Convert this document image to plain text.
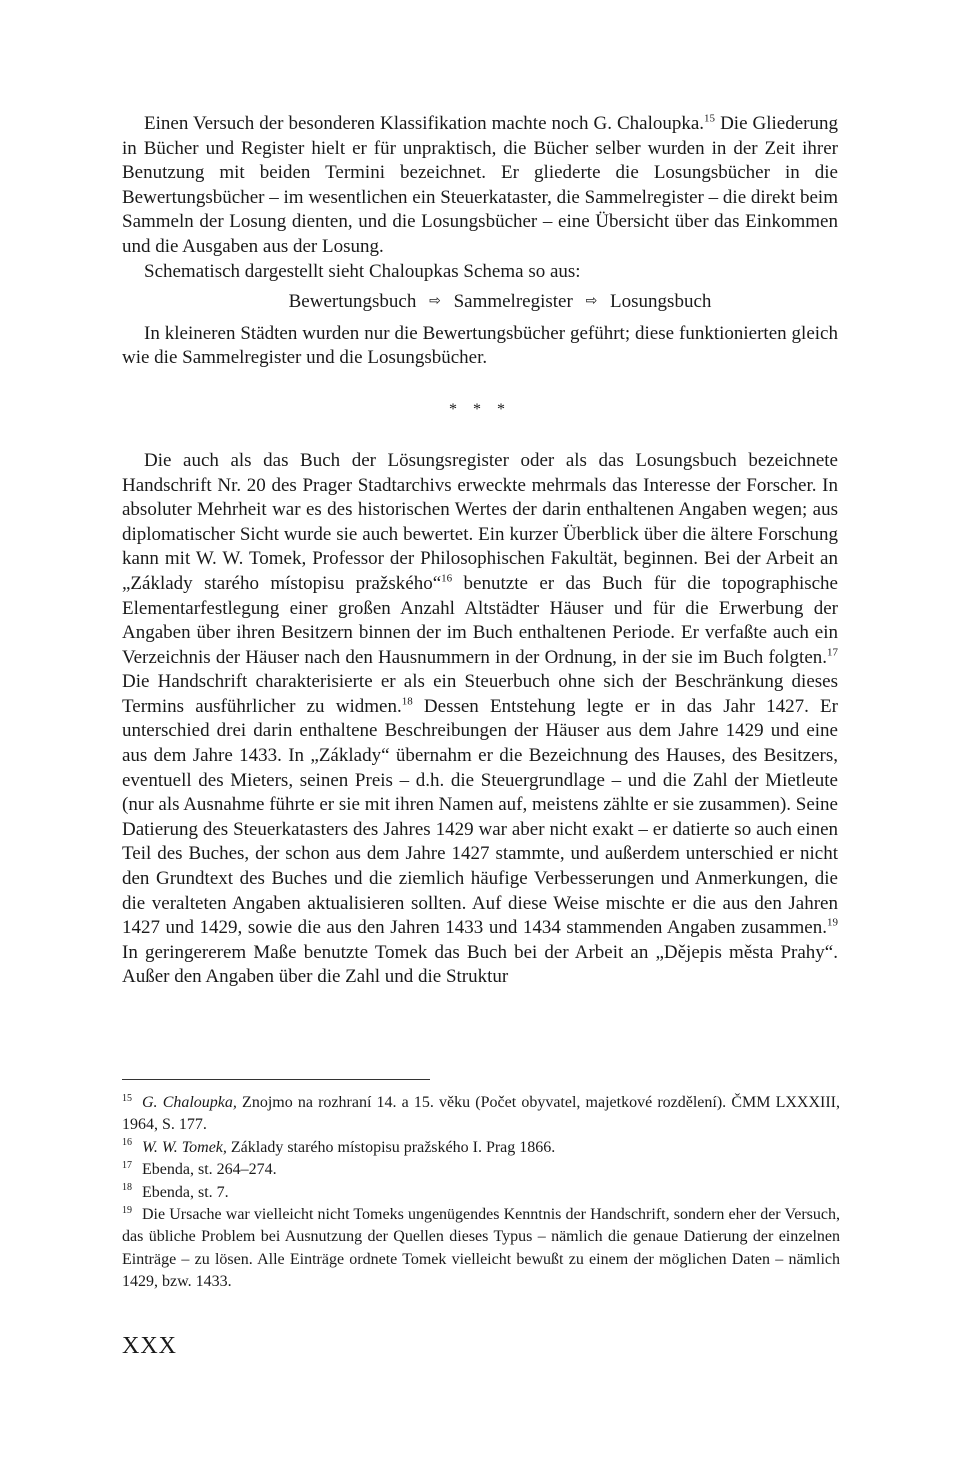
Einen Versuch der besonderen Klassifikation machte noch G. Chaloupka.$^{15}$ Die Gliederung in Bücher und Register hielt er für unpraktisch, die Bücher selber wurden in der Zeit ihrer Benutzung mit beiden Termini bezeichnet. Er gliederte die Losungsbücher in die Bewertungsbücher – im wesentlichen ein Steuerkataster, die Sammelregister – die direkt beim Sammeln der Losung dienten, und die Losungsbücher – eine Übersicht über das Einkommen und die Ausgaben aus der Losung.

Schematisch dargestellt sieht Chaloupkas Schema so aus:

Bewertungsbuch ⇨ Sammelregister ⇨ Losungsbuch

In kleineren Städten wurden nur die Bewertungsbücher geführt; diese funktionierten gleich wie die Sammelregister und die Losungsbücher.

* * *

Die auch als das Buch der Lösungsregister oder als das Losungsbuch bezeichnete Handschrift Nr. 20 des Prager Stadtarchivs erweckte mehrmals das Interesse der Forscher. In absoluter Mehrheit war es des historischen Wertes der darin enthaltenen Angaben wegen; aus diplomatischer Sicht wurde sie auch bewertet. Ein kurzer Überblick über die ältere Forschung kann mit W. W. Tomek, Professor der Philosophischen Fakultät, beginnen. Bei der Arbeit an „Základy starého místopisu pražského“$^{16}$ benutzte er das Buch für die topographische Elementarfestlegung einer großen Anzahl Altstädter Häuser und für die Erwerbung der Angaben über ihren Besitzern binnen der im Buch enthaltenen Periode. Er verfaßte auch ein Verzeichnis der Häuser nach den Hausnummern in der Ordnung, in der sie im Buch folgten.$^{17}$ Die Handschrift charakterisierte er als ein Steuerbuch ohne sich der Beschränkung dieses Termins ausführlicher zu widmen.$^{18}$ Dessen Entstehung legte er in das Jahr 1427. Er unterschied drei darin enthaltene Beschreibungen der Häuser aus dem Jahre 1429 und eine aus dem Jahre 1433. In „Základy“ übernahm er die Bezeichnung des Hauses, des Besitzers, eventuell des Mieters, seinen Preis – d.h. die Steuergrundlage – und die Zahl der Mietleute (nur als Ausnahme führte er sie mit ihren Namen auf, meistens zählte er sie zusammen). Seine Datierung des Steuerkatasters des Jahres 1429 war aber nicht exakt – er datierte so auch einen Teil des Buches, der schon aus dem Jahre 1427 stammte, und außerdem unterschied er nicht den Grundtext des Buches und die ziemlich häufige Verbesserungen und Anmerkungen, die die veralteten Angaben aktualisieren sollten. Auf diese Weise mischte er die aus den Jahren 1427 und 1429, sowie die aus den Jahren 1433 und 1434 stammenden Angaben zusammen.$^{19}$ In geringererem Maße benutzte Tomek das Buch bei der Arbeit an „Dějepis města Prahy“. Außer den Angaben über die Zahl und die Struktur

$^{15}$ G. Chaloupka, Znojmo na rozhraní 14. a 15. věku (Počet obyvatel, majetkové rozdělení). ČMM LXXXIII, 1964, S. 177.

$^{16}$ W. W. Tomek, Základy starého místopisu pražského I. Prag 1866.

$^{17}$ Ebenda, st. 264–274.

$^{18}$ Ebenda, st. 7.

$^{19}$ Die Ursache war vielleicht nicht Tomeks ungenügendes Kenntnis der Handschrift, sondern eher der Versuch, das übliche Problem bei Ausnutzung der Quellen dieses Typus – nämlich die genaue Datierung der einzelnen Einträge – zu lösen. Alle Einträge ordnete Tomek vielleicht bewußt zu einem der möglichen Daten – nämlich 1429, bzw. 1433.

XXX
